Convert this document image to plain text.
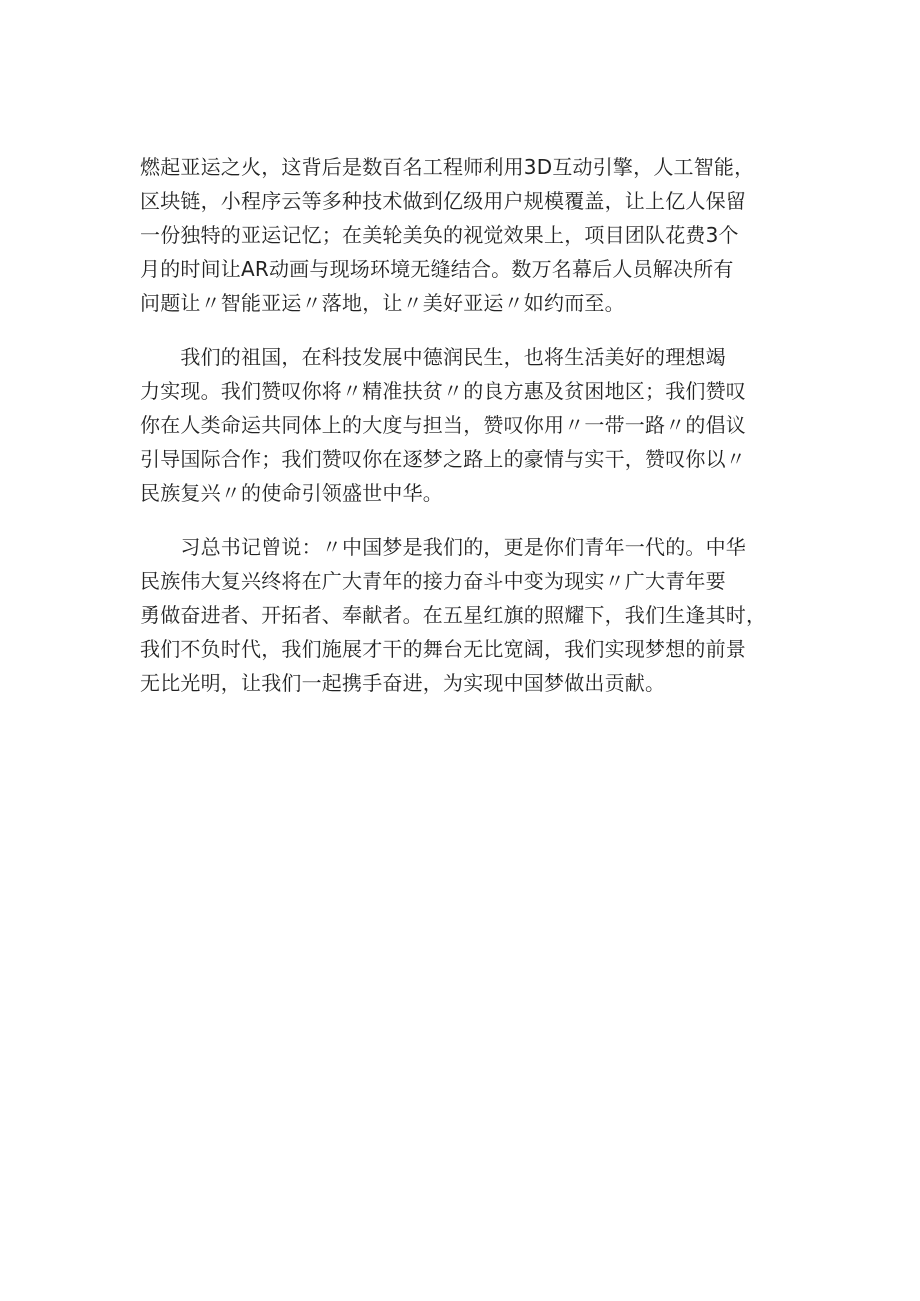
燃起亚运之火，这背后是数百名工程师利用3D互动引擎，人工智能，
区块链，小程序云等多种技术做到亿级用户规模覆盖，让上亿人保留
一份独特的亚运记忆；在美轮美奂的视觉效果上，项目团队花费3个
月的时间让AR动画与现场环境无缝结合。数万名幕后人员解决所有
问题让〃智能亚运〃落地，让〃美好亚运〃如约而至。
　　我们的祖国，在科技发展中德润民生，也将生活美好的理想竭
力实现。我们赞叹你将〃精准扶贫〃的良方惠及贫困地区；我们赞叹
你在人类命运共同体上的大度与担当，赞叹你用〃一带一路〃的倡议
引导国际合作；我们赞叹你在逐梦之路上的豪情与实干，赞叹你以〃
民族复兴〃的使命引领盛世中华。
　　习总书记曾说：〃中国梦是我们的，更是你们青年一代的。中华
民族伟大复兴终将在广大青年的接力奋斗中变为现实〃广大青年要
勇做奋进者、开拓者、奉献者。在五星红旗的照耀下，我们生逢其时，
我们不负时代，我们施展才干的舞台无比宽阔，我们实现梦想的前景
无比光明，让我们一起携手奋进，为实现中国梦做出贡献。
